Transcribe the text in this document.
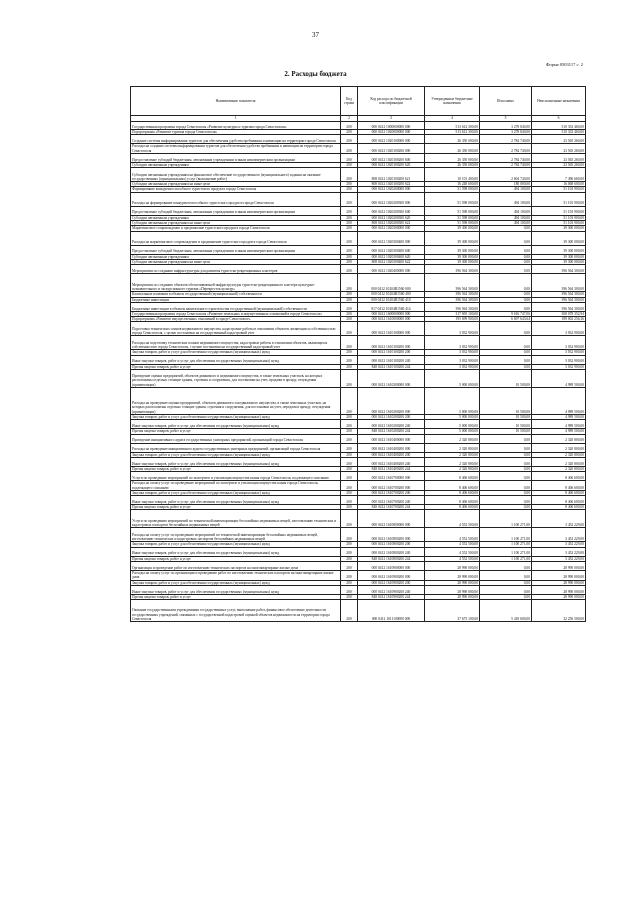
37
Форма 0503117 с. 2
2. Расходы бюджета
Наименование показателя	Код строки	Код расхода по бюджетной классификации	Утвержденные бюджетные назначения	Исполнено	Неисполненные назначения
1	2	3	4	5	6
Государственная программа города Севастополя «Развитие культуры и туризма города Севастополя»	200	000 0412 1000000000 000	513 612 300,00	3 278 840,00	510 333 460,00
Подпрограмма «Развитие туризма города Севастополя»	200	000 0412 1020000000 000	513 612 300,00	3 278 840,00	510 333 460,00
Создание системы информирования туристов для обеспечения удобства пребывания и навигации на территории города Севастополя	200	000 0412 1020100000 000	26 350 000,00	2 784 740,00	23 565 260,00
Расходы на создание системы информирования туристов для обеспечения удобства пребывания и навигации на территории города Севастополя	200	000 0412 1020100200 000	26 350 000,00	2 784 740,00	23 565 260,00
Предоставление субсидий бюджетным, автономным учреждениям и иным некоммерческим организациям	200	000 0412 1020100200 600	26 350 000,00	2 784 740,00	23 565 260,00
Субсидии автономным учреждениям	200	000 0412 1020100200 620	26 350 000,00	2 784 740,00	23 565 260,00
Субсидии автономным учреждениям на финансовое обеспечение государственного (муниципального) задания на оказание государственных (муниципальных) услуг (выполнение работ)	200	808 0412 1020100200 621	10 101 400,00	2 604 740,00	7 496 660,00
Субсидии автономным учреждениям на иные цели	200	808 0412 1020100200 622	16 248 600,00	180 000,00	16 068 600,00
Формирование конкурентоспособного туристского продукта города Севастополя	200	000 0412 1020200000 000	51 598 000,00	494 100,00	51 103 900,00
Расходы на формирование конкурентоспособного туристского продукта города Севастополя	200	000 0412 1020200300 000	51 598 000,00	494 100,00	51 103 900,00
Предоставление субсидий бюджетным, автономным учреждениям и иным некоммерческим организациям	200	000 0412 1020200300 600	51 598 000,00	494 100,00	51 103 900,00
Субсидии автономным учреждениям	200	000 0412 1020200300 620	51 598 000,00	494 100,00	51 103 900,00
Субсидии автономным учреждениям на иные цели	200	808 0412 1020200300 622	51 598 000,00	494 100,00	51 103 900,00
Маркетинговое сопровождение и продвижение туристского продукта города Севастополя	200	000 0412 1020300000 000	39 300 000,00	0,00	39 300 000,00
Расходы на маркетинговое сопровождение и продвижение туристского продукта города Севастополя	200	000 0412 1020300400 000	39 300 000,00	0,00	39 300 000,00
Предоставление субсидий бюджетным, автономным учреждениям и иным некоммерческим организациям	200	000 0412 1020300400 600	39 300 000,00	0,00	39 300 000,00
Субсидии автономным учреждениям	200	000 0412 1020300400 620	39 300 000,00	0,00	39 300 000,00
Субсидии автономным учреждениям на иные цели	200	808 0412 1020300400 622	39 300 000,00	0,00	39 300 000,00
Мероприятия по созданию инфраструктуры для развития туристско-рекреационных кластеров	200	000 0412 1020400000 000	396 564 300,00	0,00	396 564 300,00
Мероприятия по созданию объектов обеспечивающей инфраструктуры туристско-рекреационного кластера культурно-познавательного и экскурсионного туризма «Перекресток культур»	200	000 0412 10204R1560 000	396 564 300,00	0,00	396 564 300,00
Капитальные вложения в объекты государственной (муниципальной) собственности	200	000 0412 10204R1560 400	396 564 300,00	0,00	396 564 300,00
Бюджетные инвестиции	200	000 0412 10204R1560 410	396 564 300,00	0,00	396 564 300,00
Бюджетные инвестиции в объекты капитального строительства государственной (муниципальной) собственности	200	817 0412 10204R1560 414	396 564 300,00	0,00	396 564 300,00
Государственная программа города Севастополя «Развитие земельных и имущественных отношений в городе Севастополе»	200	000 0412 1600000000 000	317 695 100,00	9 616 747,06	308 078 352,94
Подпрограмма «Развитие имущественных отношений в городе Севастополе»	200	000 0412 1610000000 000	195 699 900,00	6 697 643,64	189 002 256,36
Подготовка технических планов недвижимого имущества, кадастровые работы в отношении объектов, являющихся собственностью города Севастополя, с целью постановки на государственный кадастровый учет	200	000 0412 1610100000 000	3 032 900,00	0,00	3 032 900,00
Расходы на подготовку технических планов недвижимого имущества, кадастровые работы в отношении объектов, являющихся собственностью города Севастополя, с целью постановки на государственный кадастровый учет	200	000 0412 1610100200 000	3 032 900,00	0,00	3 032 900,00
Закупка товаров, работ и услуг для обеспечения государственных (муниципальных) нужд	200	000 0412 1610100200 200	3 032 900,00	0,00	3 032 900,00
Иные закупки товаров, работ и услуг для обеспечения государственных (муниципальных) нужд	200	000 0412 1610100200 240	3 032 900,00	0,00	3 032 900,00
Прочая закупка товаров, работ и услуг	200	848 0412 1610100200 244	3 032 900,00	0,00	3 032 900,00
Проведение оценки предприятий, объектов движимого и недвижимого имущества, в также земельных участков, на которых расположены отдельно стоящие здания, строения и сооружения, для постановки на учет, продажи в аренду, отчуждения (приватизации)	200	000 0412 1610200000 000	5 000 000,00	10 500,00	4 989 500,00
Расходы на проведение оценки предприятий, объектов движимого и недвижимого имущества, в также земельных участков, на которых расположены отдельно стоящие здания, строения и сооружения, для постановки на учет, передачи в аренду, отчуждения (приватизации)	200	000 0412 1610200200 000	5 000 000,00	10 500,00	4 989 500,00
Закупка товаров, работ и услуг для обеспечения государственных (муниципальных) нужд	200	000 0412 1610200200 200	5 000 000,00	10 500,00	4 989 500,00
Иные закупки товаров, работ и услуг для обеспечения государственных (муниципальных) нужд	200	000 0412 1610200200 240	5 000 000,00	10 500,00	4 989 500,00
Прочая закупка товаров, работ и услуг	200	848 0412 1610200200 244	5 000 000,00	10 500,00	4 989 500,00
Проведение инициативного аудита государственных унитарных предприятий, организаций города Севастополя	200	000 0412 1610400000 000	2 320 800,00	0,00	2 320 800,00
Расходы на проведение инициативного аудита государственных унитарных предприятий, организаций города Севастополя	200	000 0412 1610400200 000	2 320 800,00	0,00	2 320 800,00
Закупка товаров, работ и услуг для обеспечения государственных (муниципальных) нужд	200	000 0412 1610400200 200	2 320 800,00	0,00	2 320 800,00
Иные закупки товаров, работ и услуг для обеспечения государственных (муниципальных) нужд	200	000 0412 1610400200 240	2 320 800,00	0,00	2 320 800,00
Прочая закупка товаров, работ и услуг	200	848 0412 1610400200 244	2 320 800,00	0,00	2 320 800,00
Услуги по проведению мероприятий по экспертизе и утилизации имущества казны города Севастополя, подлежащего списанию	200	000 0412 1610700000 000	8 406 600,00	0,00	8 406 600,00
Расходы на оплату услуг по проведению мероприятий по экспертизе и утилизации имущества казны города Севастополя, подлежащего списанию	200	000 0412 1610700200 000	8 406 600,00	0,00	8 406 600,00
Закупка товаров, работ и услуг для обеспечения государственных (муниципальных) нужд	200	000 0412 1610700200 200	8 406 600,00	0,00	8 406 600,00
Иные закупки товаров, работ и услуг для обеспечения государственных (муниципальных) нужд	200	000 0412 1610700200 240	8 406 600,00	0,00	8 406 600,00
Прочая закупка товаров, работ и услуг	200	848 0412 1610700200 244	8 406 600,00	0,00	8 406 600,00
Услуги по проведению мероприятий по технической инвентаризации бесхозяйных недвижимых вещей, изготовлению технических и кадастровых паспортов бесхозяйных недвижимых вещей	200	000 0412 1610800000 000	4 552 500,00	1 100 271,00	3 452 229,00
Расходы на оплату услуг по проведению мероприятий по технической инвентаризации бесхозяйных недвижимых вещей, изготовлению технических и кадастровых паспортов бесхозяйных недвижимых вещей	200	000 0412 1610800200 000	4 552 500,00	1 100 271,00	3 452 229,00
Закупка товаров, работ и услуг для обеспечения государственных (муниципальных) нужд	200	000 0412 1610800200 200	4 552 500,00	1 100 271,00	3 452 229,00
Иные закупки товаров, работ и услуг для обеспечения государственных (муниципальных) нужд	200	000 0412 1610800200 240	4 552 500,00	1 100 271,00	3 452 229,00
Прочая закупка товаров, работ и услуг	200	848 0412 1610800200 244	4 552 500,00	1 100 271,00	3 452 229,00
Организация и проведение работ по изготовлению технических паспортов на многоквартирные жилые дома	200	000 0412 1610900000 000	28 990 000,00	0,00	28 990 000,00
Расходы на оплату услуг по организации и проведению работ по изготовлению технических паспортов на многоквартирные жилые дома	200	000 0412 1610900200 000	28 990 000,00	0,00	28 990 000,00
Закупка товаров, работ и услуг для обеспечения государственных (муниципальных) нужд	200	000 0412 1610900200 200	28 990 000,00	0,00	28 990 000,00
Иные закупки товаров, работ и услуг для обеспечения государственных (муниципальных) нужд	200	000 0412 1610900200 240	28 990 000,00	0,00	28 990 000,00
Прочая закупка товаров, работ и услуг	200	848 0412 1610900200 244	28 990 000,00	0,00	28 990 000,00
Оказание государственными учреждениями государственных услуг, выполнение работ, финансовое обеспечение деятельности государственных учреждений, связанных с государственной кадастровой оценкой объектов недвижимости на территории города Севастополя	200	000 0412 1611100000 000	37 675 100,00	5 418 600,00	32 256 500,00
